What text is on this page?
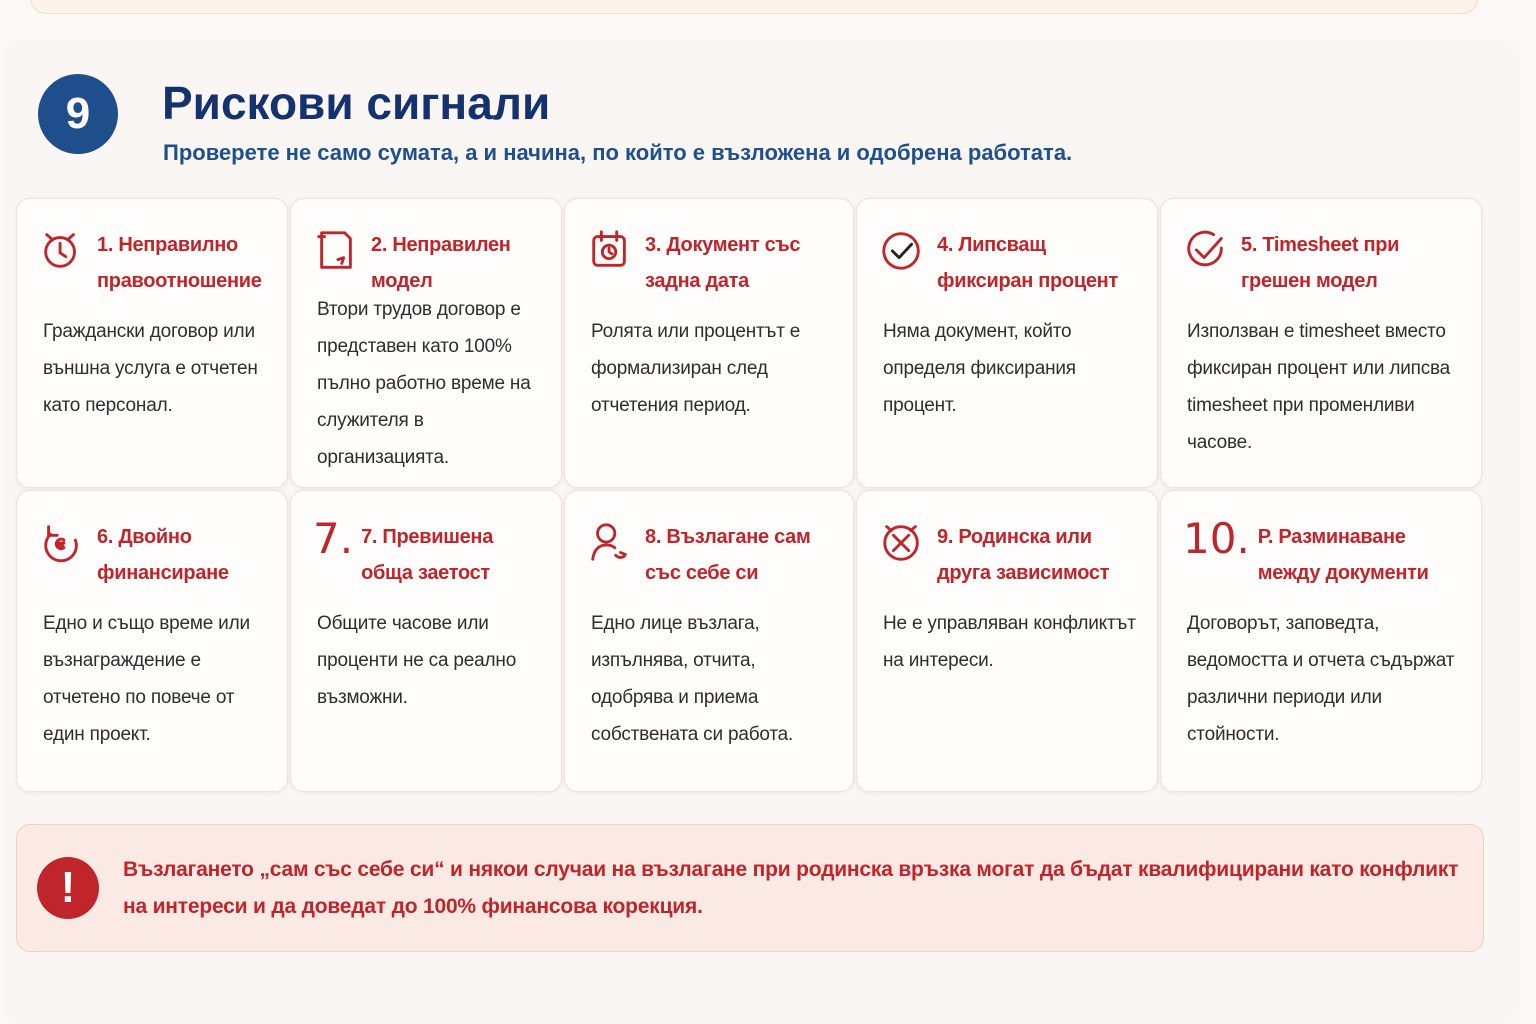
9	Рискови сигнали

Проверете не само сумата, а и начина, по който е възложена и одобрена работата.

1. Неправилно правоотношение
Граждански договор или външна услуга е отчетен като персонал.
2. Неправилен модел
Втори трудов договор е представен като 100% пълно работно време на служителя в организацията.
3. Документ със задна дата
Ролята или процентът е формализиран след отчетения период.
4. Липсващ фиксиран процент
Няма документ, който определя фиксирания процент.
5. Timesheet при грешен модел
Използван е timesheet вместо фиксиран процент или липсва timesheet при променливи часове.
6. Двойно финансиране
Едно и също време или възнаграждение е отчетено по повече от един проект.
7. 7. Превишена обща заетост
Общите часове или проценти не са реално възможни.
8. Възлагане сам със себе си
Едно лице възлага, изпълнява, отчита, одобрява и приема собствената си работа.
9. Родинска или друга зависимост
Не е управляван конфликтът на интереси.
10. Р. Разминаване между документи
Договорът, заповедта, ведомостта и отчета съдържат различни периоди или стойности.
!	Възлагането „сам със себе си“ и някои случаи на възлагане при родинска връзка могат да бъдат квалифицирани като конфликт на интереси и да доведат до 100% финансова корекция.
